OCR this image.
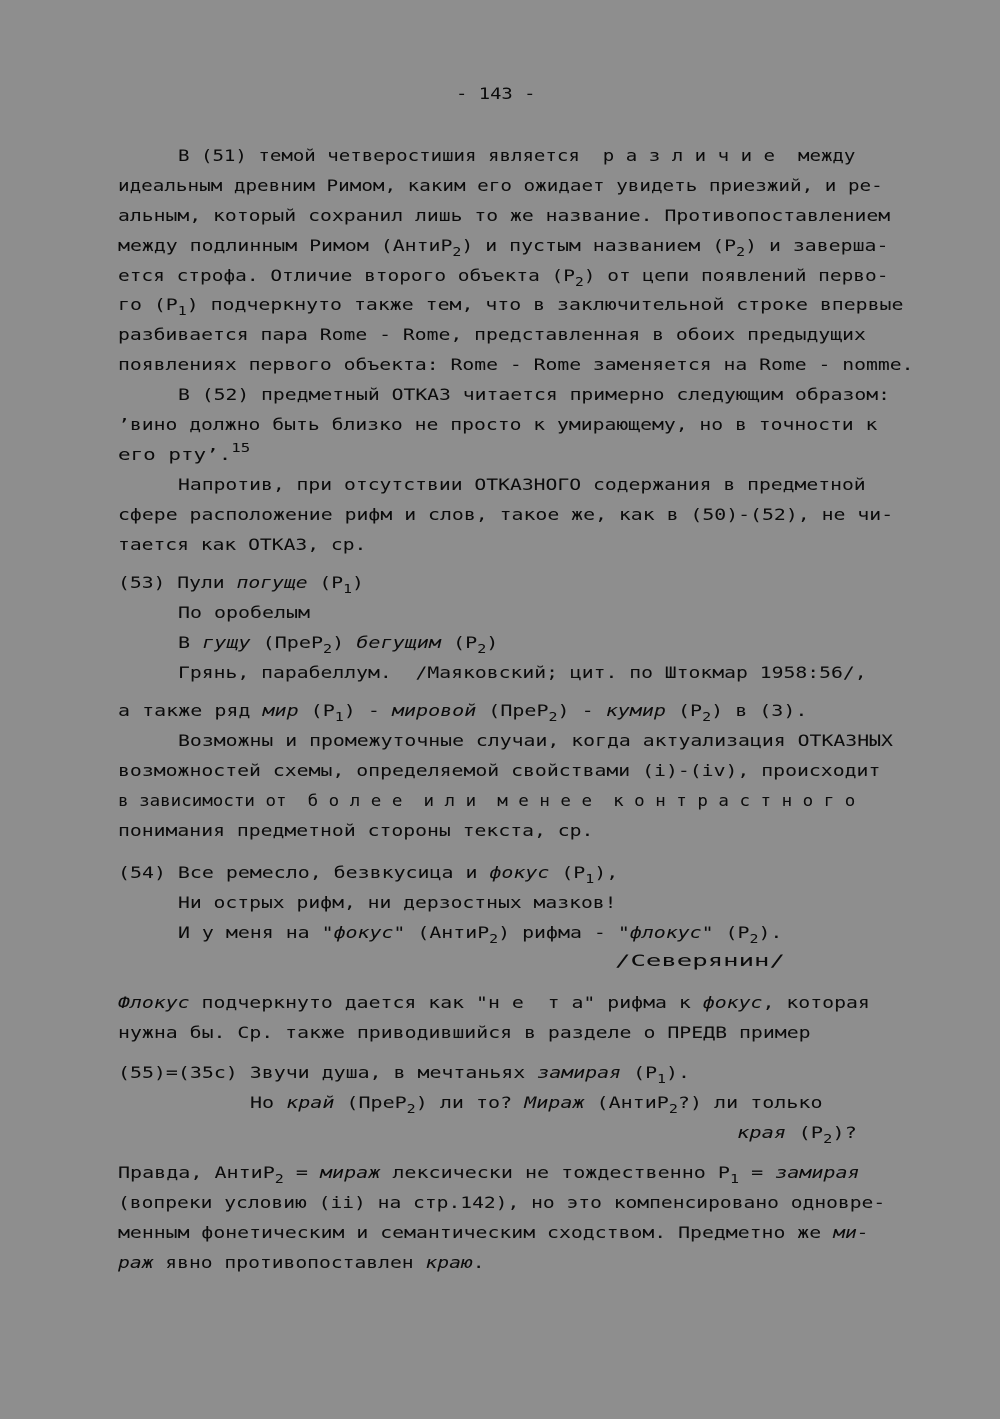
- 143 -
В (51) темой четверостишия является  р а з л и ч и е  между
идеальным древним Римом, каким его ожидает увидеть приезжий, и ре-
альным, который сохранил лишь то же название. Противопоставлением
между подлинным Римом (АнтиР$_2$) и пустым названием $(Р_2)$ и заверша-
ется строфа. Отличие второго объекта $(Р_2)$ от цепи появлений перво-
го $(Р_1)$ подчеркнуто также тем, что в заключительной строке впервые
разбивается пара Rome - Rome, представленная в обоих предыдущих
появлениях первого объекта: Rome - Rome заменяется на Rome - nomme.
В (52) предметный ОТКАЗ читается примерно следующим образом:
’вино должно быть близко не просто к умирающему, но в точности к
его рту’.$^{15}$
Напротив, при отсутствии ОТКАЗНОГО содержания в предметной
сфере расположение рифм и слов, такое же, как в (50)-(52), не чи-
тается как ОТКАЗ, ср.
(53) Пули погуще $(Р_1)$
По оробелым
В гущу (ПреР$_2$) бегущим $(Р_2)$
Грянь, парабеллум.  /Маяковский; цит. по Штокмар 1958:56/,
а также ряд мир $(Р_1)$ - мировой (ПреР$_2$) - кумир $(Р_2)$ в (3).
Возможны и промежуточные случаи, когда актуализация ОТКАЗНЫХ
возможностей схемы, определяемой свойствами (i)-(iv), происходит
в зависимости от  б о л е е  и л и  м е н е е  к о н т р а с т н о г о
понимания предметной стороны текста, ср.
(54) Все ремесло, безвкусица и фокус $(Р_1)$,
Ни острых рифм, ни дерзостных мазков!
И у меня на "фокус" (АнтиР$_2$) рифма - "флокус" $(Р_2)$.
/Северянин/
Флокус подчеркнуто дается как "н е  т а" рифма к фокус, которая
нужна бы. Ср. также приводившийся в разделе о ПРЕДВ пример
(55)=(35с) Звучи душа, в мечтаньях замирая $(Р_1)$.
Но край (ПреР$_2$) ли то? Мираж (АнтиР$_2$?) ли только
края $(Р_2)$?
Правда, АнтиР$_2$ = мираж лексически не тождественно $Р_1$ = замирая
(вопреки условию (ii) на стр.142), но это компенсировано одновре-
менным фонетическим и семантическим сходством. Предметно же ми-
раж явно противопоставлен краю.
